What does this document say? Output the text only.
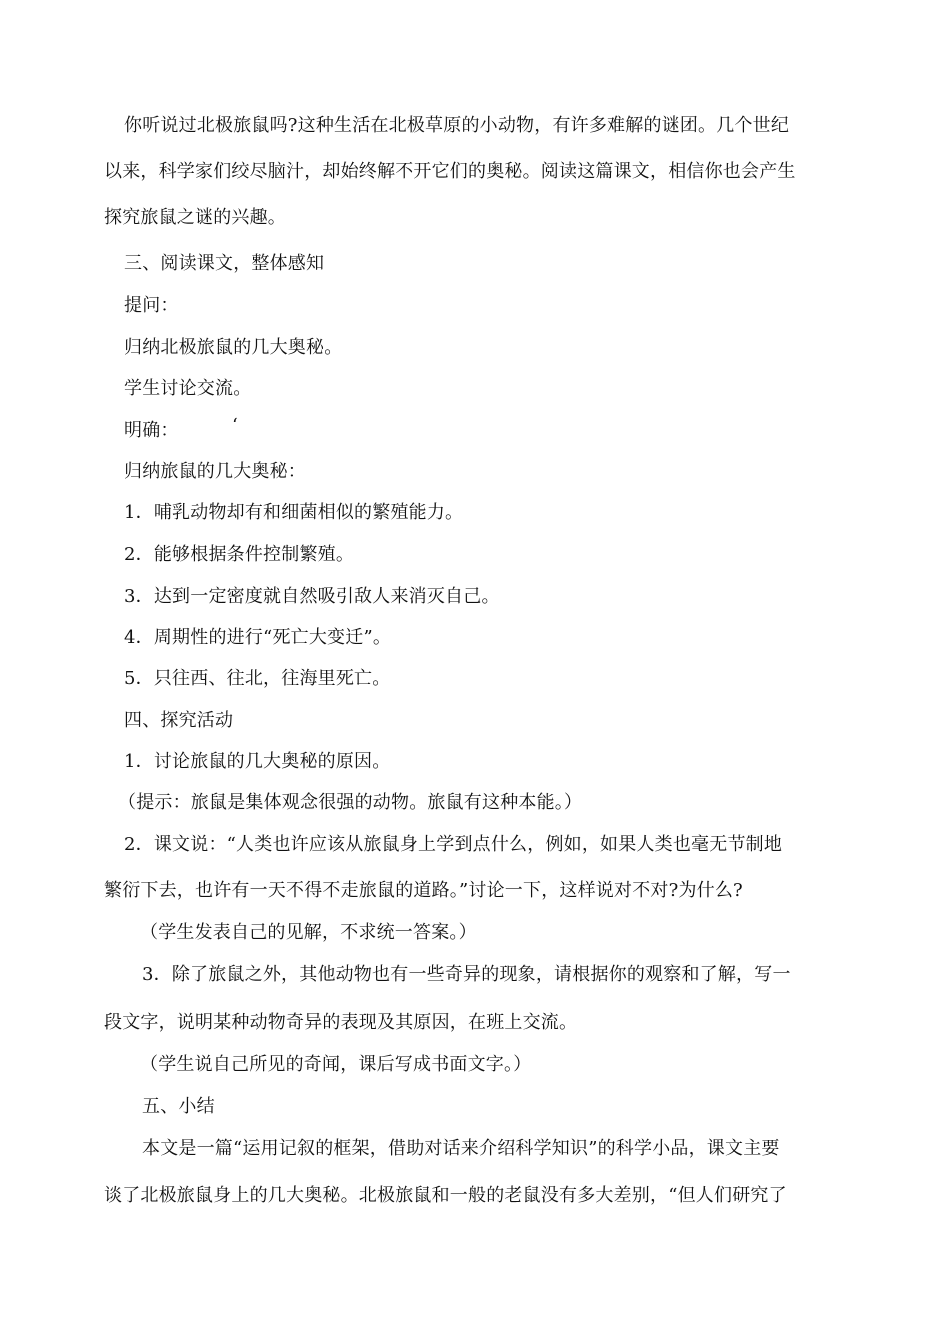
你听说过北极旅鼠吗?这种生活在北极草原的小动物，有许多难解的谜团。几个世纪
以来，科学家们绞尽脑汁，却始终解不开它们的奥秘。阅读这篇课文，相信你也会产生
探究旅鼠之谜的兴趣。
三、阅读课文，整体感知
提问：
归纳北极旅鼠的几大奥秘。
学生讨论交流。
明确：	‘
归纳旅鼠的几大奥秘：
1．哺乳动物却有和细菌相似的繁殖能力。
2．能够根据条件控制繁殖。
3．达到一定密度就自然吸引敌人来消灭自己。
4．周期性的进行“死亡大变迁”。
5．只往西、往北，往海里死亡。
四、探究活动
1．讨论旅鼠的几大奥秘的原因。
（提示：旅鼠是集体观念很强的动物。旅鼠有这种本能。）
2．课文说：“人类也许应该从旅鼠身上学到点什么，例如，如果人类也毫无节制地
繁衍下去，也许有一天不得不走旅鼠的道路。”讨论一下，这样说对不对?为什么?
（学生发表自己的见解，不求统一答案。）
3．除了旅鼠之外，其他动物也有一些奇异的现象，请根据你的观察和了解，写一
段文字，说明某种动物奇异的表现及其原因，在班上交流。
（学生说自己所见的奇闻，课后写成书面文字。）
五、小结
本文是一篇“运用记叙的框架，借助对话来介绍科学知识”的科学小品，课文主要
谈了北极旅鼠身上的几大奥秘。北极旅鼠和一般的老鼠没有多大差别，“但人们研究了
